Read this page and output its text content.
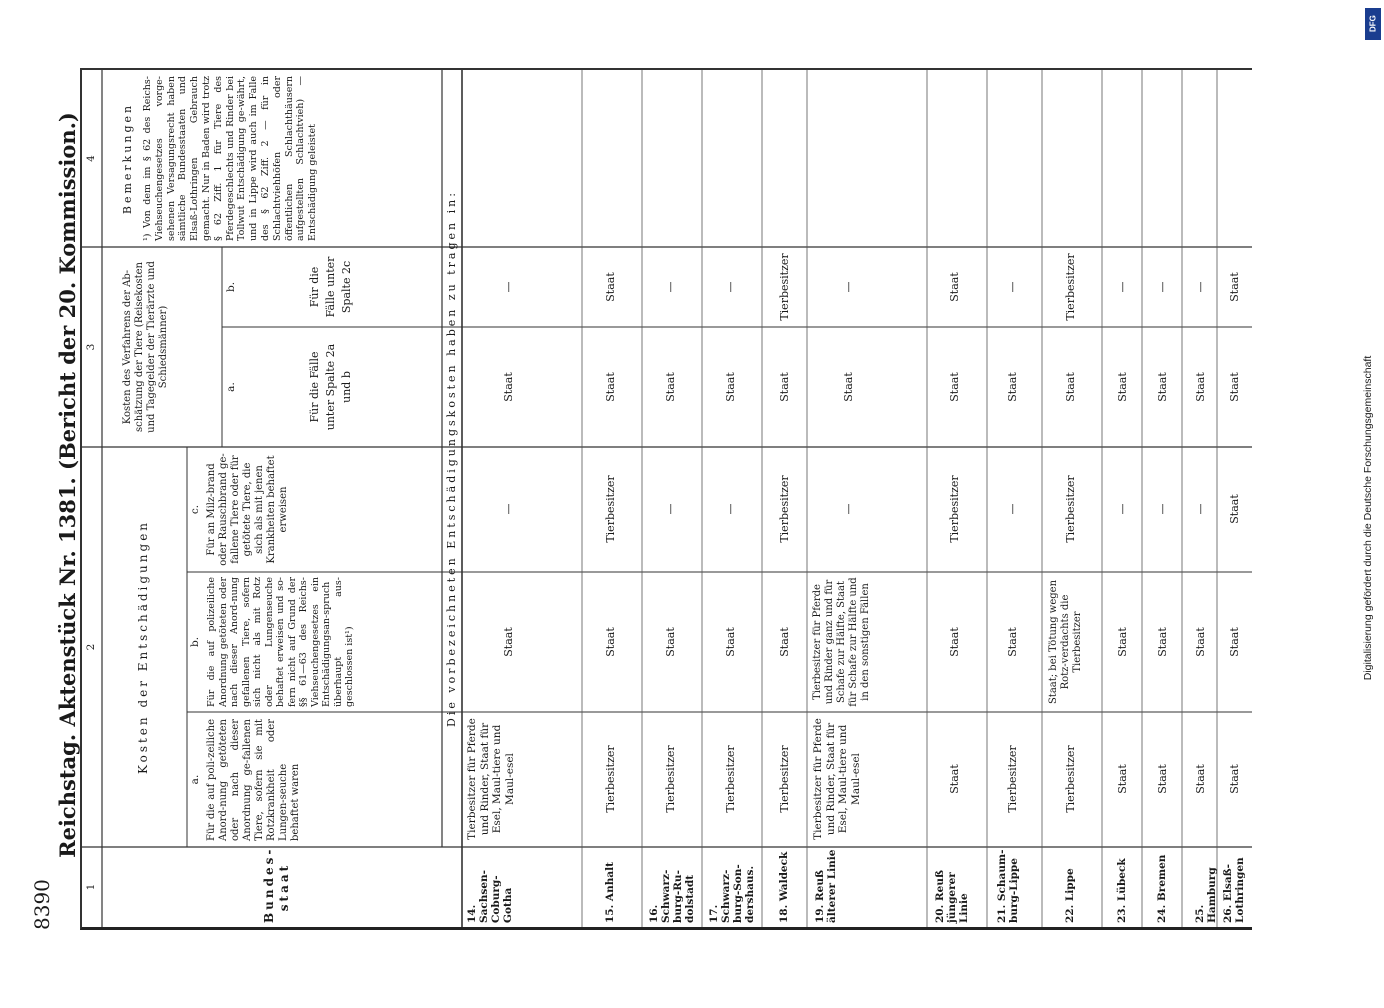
8390
Reichstag. Aktenstück Nr. 1381. (Bericht der 20. Kommission.)
1
2
3
4
Bundes-staat
Kosten der Entschädigungen
a.
b.
c.
Für die auf poli-zeiliche Anord-nung getöteten oder nach dieser Anordnung ge-fallenen Tiere, sofern sie mit Rotzkrankheit oder Lungen-seuche behaftet waren
Für die auf polizeiliche Anordnung getöteten oder nach dieser Anord-nung gefallenen Tiere, sofern sich nicht als mit Rotz oder Lungenseuche behaftet erweisen und so-fern nicht auf Grund der §§ 61—63 des Reichs-Viehseuchengesetzes ein Entschädigungsan-spruch überhaupt aus-geschlossen ist¹)
Für an Milz-brand oder Rauschbrand ge-fallene Tiere oder für getötete Tiere, die sich als mit jenen Krankheiten behaftet erweisen
Kosten des Verfahrens der Ab-schätzung der Tiere (Reisekosten und Tagegelder der Tierärzte und Schiedsmänner)	a.
b.
Für die Fälle unter Spalte 2a und b
Für die Fälle unter Spalte 2c
Bemerkungen ¹) Von dem im § 62 des Reichs-Viehseuchengesetzes vorge-sehenen Versagungsrecht haben sämtliche Bundesstaaten und Elsaß-Lothringen Gebrauch gemacht. Nur in Baden wird trotz § 62 Ziff. 1 für Tiere des Pferdegeschlechts und Rinder bei Tollwut Entschädigung ge-währt, und in Lippe wird auch im Falle des § 62 Ziff. 2 — für in Schlachtviehhöfen oder öffentlichen Schlachthäusern aufgestellten Schlachtvieh) — Entschädigung geleistet
Die vorbezeichneten Entschädigungskosten haben zu tragen in:
14. Sachsen-Coburg-Gotha
Tierbesitzer für Pferde und Rinder, Staat für Esel, Maul-tiere und Maul-esel
Staat
—
Staat
—
15. Anhalt
Tierbesitzer
Staat
Tierbesitzer
Staat
Staat
16. Schwarz-burg-Ru-dolstadt
Tierbesitzer
Staat
—
Staat
—
17. Schwarz-burg-Son-dershaus.
Tierbesitzer
Staat
—
Staat
—
18. Waldeck
Tierbesitzer
Staat
Tierbesitzer
Staat
Tierbesitzer
19. Reuß älterer Linie
Tierbesitzer für Pferde und Rinder, Staat für Esel, Maul-tiere und Maul-esel
Tierbesitzer für Pferde und Rinder ganz und für Schafe zur Hälfte, Staat für Schafe zur Hälfte und in den sonstigen Fällen
—
Staat
—
20. Reuß jüngerer Linie
Staat
Staat
Tierbesitzer
Staat
Staat
21. Schaum-burg-Lippe
Tierbesitzer
Staat
—
Staat
—
22. Lippe
Tierbesitzer
Staat; bei Tötung wegen Rotz-verdachts die Tierbesitzer
Tierbesitzer
Staat
Tierbesitzer
23. Lübeck
Staat
Staat
—
Staat
—
24. Bremen
Staat
Staat
—
Staat
—
25. Hamburg
Staat
Staat
—
Staat
—
26. Elsaß-Lothringen
Staat
Staat
Staat
Staat
Staat
DFG
Digitalisierung gefördert durch die Deutsche Forschungsgemeinschaft
